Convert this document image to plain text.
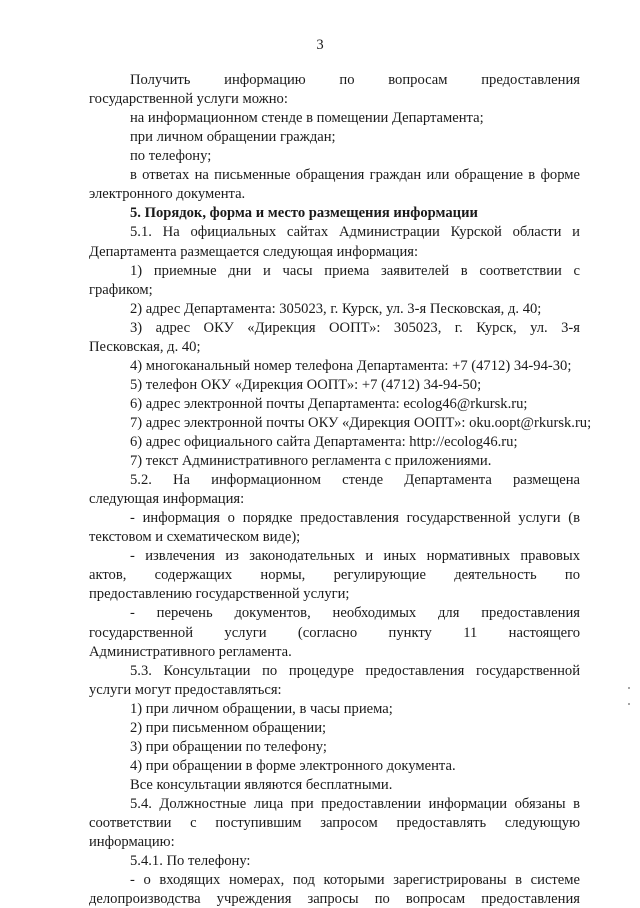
3
Получить информацию по вопросам предоставления
государственной услуги можно:
на информационном стенде в помещении Департамента;
при личном обращении граждан;
по телефону;
в ответах на письменные обращения граждан или обращение в форме
электронного документа.
5. Порядок, форма и место размещения информации
5.1. На официальных сайтах Администрации Курской области и
Департамента размещается следующая информация:
1) приемные дни и часы приема заявителей в соответствии с
графиком;
2) адрес Департамента: 305023, г. Курск, ул. 3-я Песковская, д. 40;
3) адрес ОКУ «Дирекция ООПТ»: 305023, г. Курск, ул. 3-я
Песковская, д. 40;
4) многоканальный номер телефона Департамента: +7 (4712) 34-94-30;
5) телефон ОКУ «Дирекция ООПТ»: +7 (4712) 34-94-50;
6) адрес электронной почты Департамента: ecolog46@rkursk.ru;
7) адрес электронной почты ОКУ «Дирекция ООПТ»: oku.oopt@rkursk.ru;
6) адрес официального сайта Департамента: http://ecolog46.ru;
7) текст Административного регламента с приложениями.
5.2. На информационном стенде Департамента размещена
следующая информация:
- информация о порядке предоставления государственной услуги (в
текстовом и схематическом виде);
- извлечения из законодательных и иных нормативных правовых
актов, содержащих нормы, регулирующие деятельность по
предоставлению государственной услуги;
- перечень документов, необходимых для предоставления
государственной услуги (согласно пункту 11 настоящего
Административного регламента.
5.3. Консультации по процедуре предоставления государственной
услуги могут предоставляться:
1) при личном обращении, в часы приема;
2) при письменном обращении;
3) при обращении по телефону;
4) при обращении в форме электронного документа.
Все консультации являются бесплатными.
5.4. Должностные лица при предоставлении информации обязаны в
соответствии с поступившим запросом предоставлять следующую
информацию:
5.4.1. По телефону:
- о входящих номерах, под которыми зарегистрированы в системе
делопроизводства учреждения запросы по вопросам предоставления
